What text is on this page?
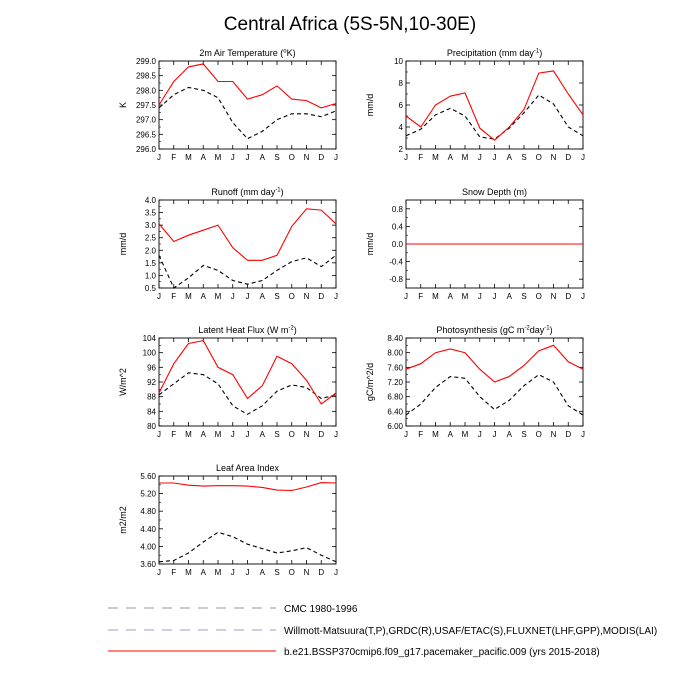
Central Africa (5S-5N,10-30E)
2m Air Temperature ($^o$K)
296.0
296.5
297.0
297.5
298.0
298.5
299.0
J F M A M J J A S O N D J
K
Precipitation (mm day$^{-1}$)
2
4
6
8
10
J F M A M J J A S O N D J
mm/d
Runoff (mm day$^{-1}$)
0.5
1.0
1.5
2.0
2.5
3.0
3.5
4.0
J F M A M J J A S O N D J
mm/d
Snow Depth (m)
-0.8
-0.4
0.0
0.4
0.8
J F M A M J J A S O N D J
mm/d
Latent Heat Flux (W $m^{-2}$)
80
84
88
92
96
100
104
J F M A M J J A S O N D J
W/m^2
Photosynthesis (gC $m^{-2}day^{-1}$)
6.00
6.40
6.80
7.20
7.60
8.00
8.40
J F M A M J J A S O N D J
gC/m^2/d
Leaf Area Index
3.60
4.00
4.40
4.80
5.20
5.60
J F M A M J J A S O N D J
m2/m2
CMC 1980-1996
Willmott-Matsuura(T,P),GRDC(R),USAF/ETAC(S),FLUXNET(LHF,GPP),MODIS(LAI)
b.e21.BSSP370cmip6.f09_g17.pacemaker_pacific.009 (yrs 2015-2018)
